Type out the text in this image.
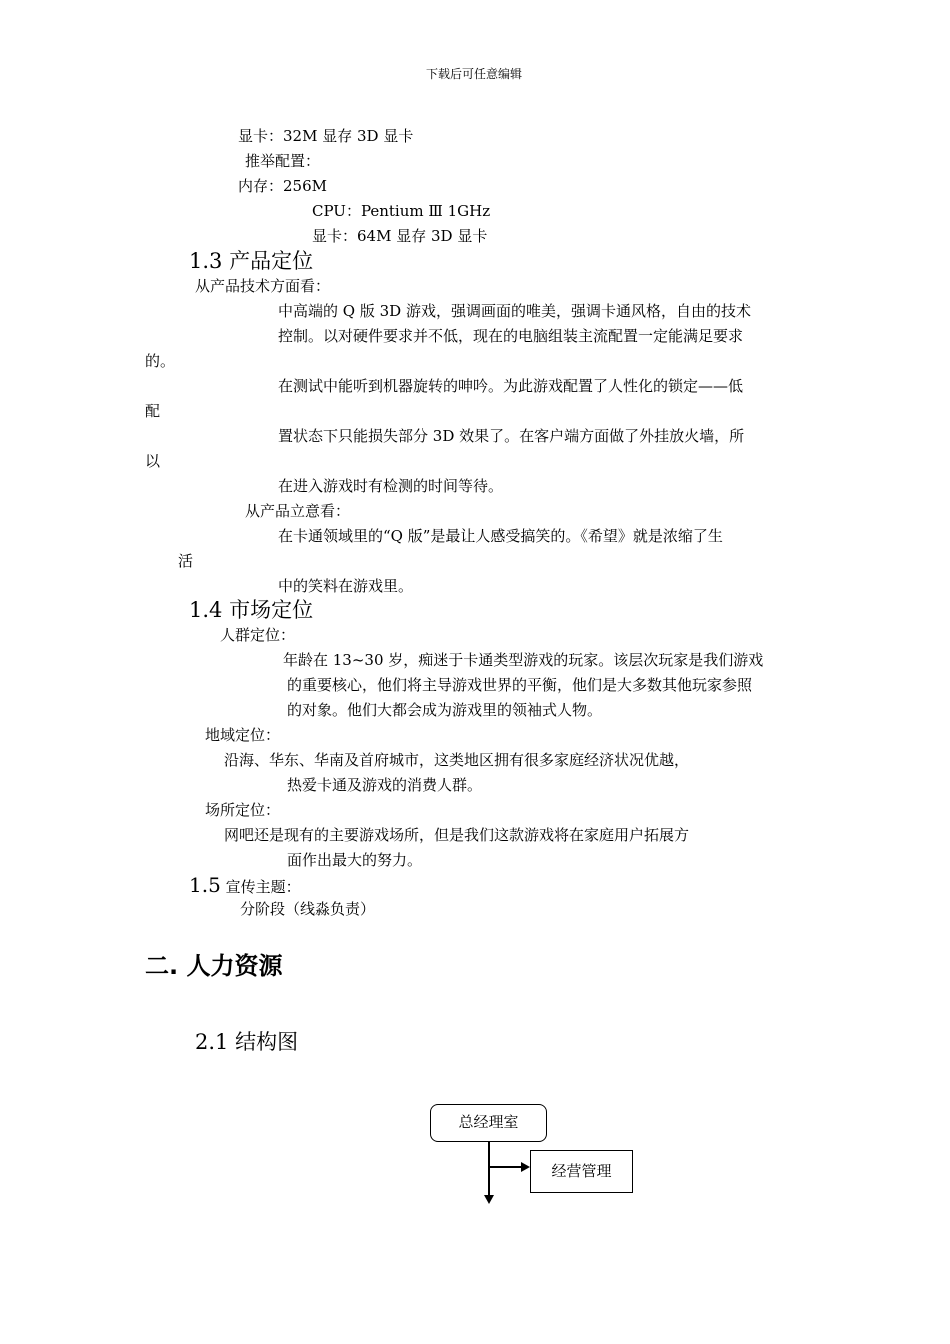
下载后可任意编辑
显卡：32M 显存 3D 显卡
推举配置：
内存：256M
CPU：Pentium Ⅲ 1GHz
显卡：64M 显存 3D 显卡
1.3 产品定位
从产品技术方面看：
中高端的 Q 版 3D 游戏，强调画面的唯美，强调卡通风格，自由的技术
控制。以对硬件要求并不低，现在的电脑组装主流配置一定能满足要求
的。
在测试中能听到机器旋转的呻吟。为此游戏配置了人性化的锁定——低
配
置状态下只能损失部分 3D 效果了。在客户端方面做了外挂放火墙，所
以
在进入游戏时有检测的时间等待。
从产品立意看：
在卡通领域里的“Q 版”是最让人感受搞笑的。《希望》就是浓缩了生
活
中的笑料在游戏里。
1.4 市场定位
人群定位：
年龄在 13~30 岁，痴迷于卡通类型游戏的玩家。该层次玩家是我们游戏
的重要核心，他们将主导游戏世界的平衡，他们是大多数其他玩家参照
的对象。他们大都会成为游戏里的领袖式人物。
地域定位：
沿海、华东、华南及首府城市，这类地区拥有很多家庭经济状况优越，
热爱卡通及游戏的消费人群。
场所定位：
网吧还是现有的主要游戏场所，但是我们这款游戏将在家庭用户拓展方
面作出最大的努力。
1.5 宣传主题：
分阶段（线淼负责）
二. 人力资源
2.1 结构图
总经理室
经营管理
